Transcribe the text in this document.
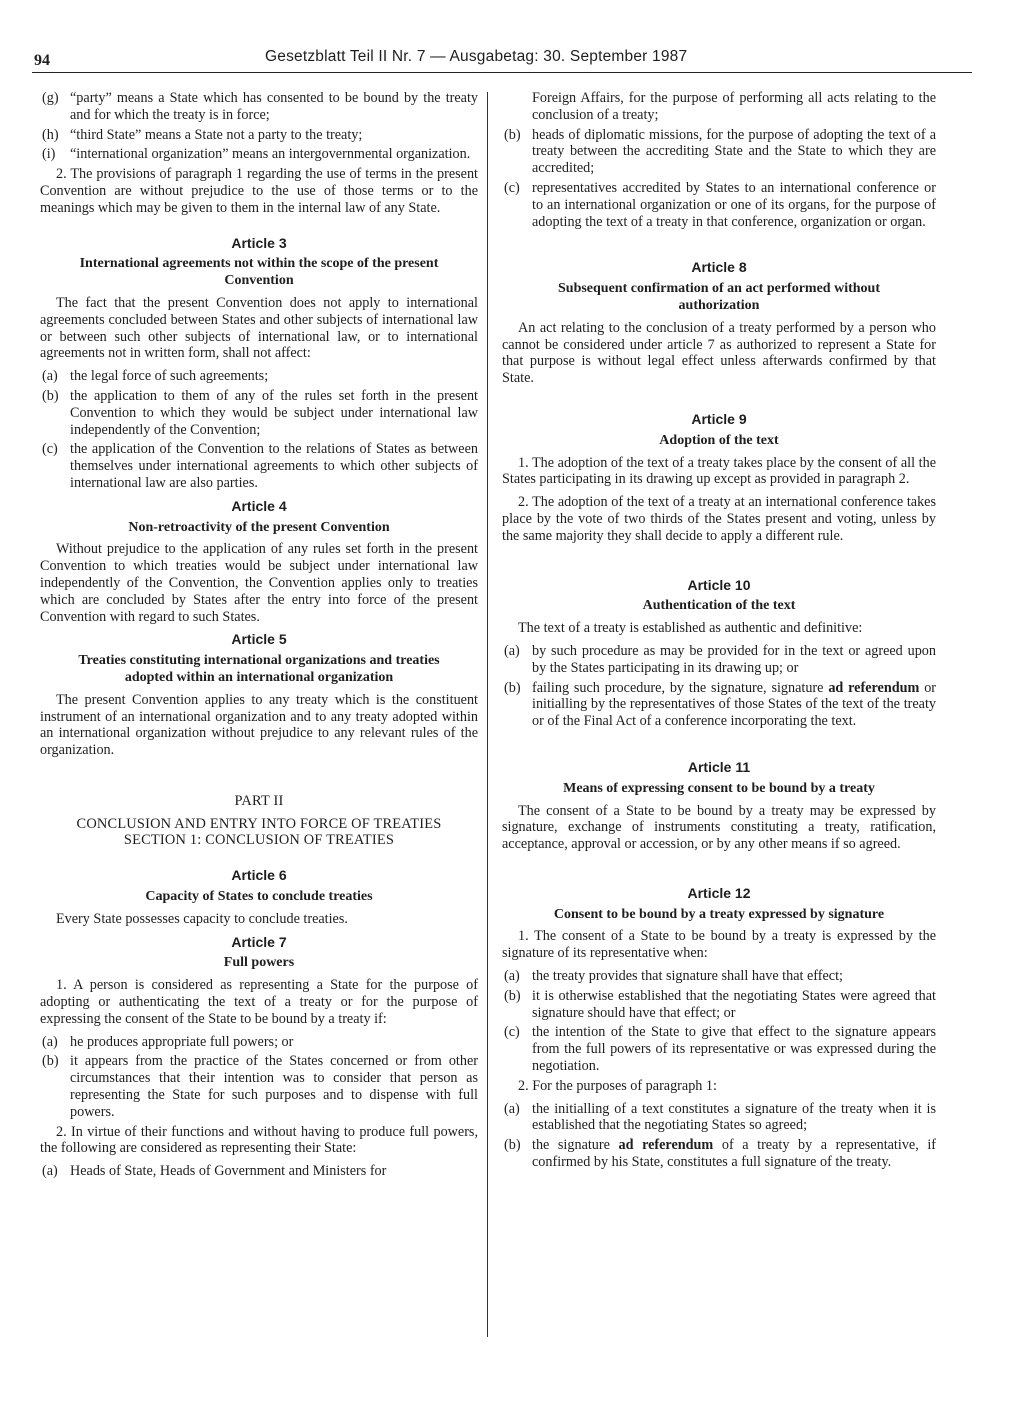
94	Gesetzblatt Teil II Nr. 7 — Ausgabetag: 30. September 1987
(g) “party” means a State which has consented to be bound by the treaty and for which the treaty is in force;
(h) “third State” means a State not a party to the treaty;
(i)	“international organization” means an intergovernmental organization.

2. The provisions of paragraph 1 regarding the use of terms in the present Convention are without prejudice to the use of those terms or to the meanings which may be given to them in the internal law of any State.

Article 3
International agreements not within the scope of the present Convention

The fact that the present Convention does not apply to international agreements concluded between States and other subjects of international law or between such other subjects of international law, or to international agreements not in written form, shall not affect:

(a) the legal force of such agreements;
(b) the application to them of any of the rules set forth in the present Convention to which they would be subject under international law independently of the Convention;
(c) the application of the Convention to the relations of States as between themselves under international agreements to which other subjects of international law are also parties.
Article 4
Non-retroactivity of the present Convention

Without prejudice to the application of any rules set forth in the present Convention to which treaties would be subject under international law independently of the Convention, the Convention applies only to treaties which are concluded by States after the entry into force of the present Convention with regard to such States.

Article 5
Treaties constituting international organizations and treaties adopted within an international organization

The present Convention applies to any treaty which is the constituent instrument of an international organization and to any treaty adopted within an international organization without prejudice to any relevant rules of the organization.

PART II
CONCLUSION AND ENTRY INTO FORCE OF TREATIES
SECTION 1: CONCLUSION OF TREATIES
Article 6
Capacity of States to conclude treaties

Every State possesses capacity to conclude treaties.

Article 7
Full powers

1. A person is considered as representing a State for the purpose of adopting or authenticating the text of a treaty or for the purpose of expressing the consent of the State to be bound by a treaty if:

(a) he produces appropriate full powers; or
(b) it appears from the practice of the States concerned or from other circumstances that their intention was to consider that person as representing the State for such purposes and to dispense with full powers.

2. In virtue of their functions and without having to produce full powers, the following are considered as representing their State:

(a) Heads of State, Heads of Government and Ministers for
Foreign Affairs, for the purpose of performing all acts relating to the conclusion of a treaty;
(b) heads of diplomatic missions, for the purpose of adopting the text of a treaty between the accrediting State and the State to which they are accredited;
(c) representatives accredited by States to an international conference or to an international organization or one of its organs, for the purpose of adopting the text of a treaty in that conference, organization or organ.
Article 8
Subsequent confirmation of an act performed without authorization

An act relating to the conclusion of a treaty performed by a person who cannot be considered under article 7 as authorized to represent a State for that purpose is without legal effect unless afterwards confirmed by that State.

Article 9
Adoption of the text

1. The adoption of the text of a treaty takes place by the consent of all the States participating in its drawing up except as provided in paragraph 2.

2. The adoption of the text of a treaty at an international conference takes place by the vote of two thirds of the States present and voting, unless by the same majority they shall decide to apply a different rule.

Article 10
Authentication of the text

The text of a treaty is established as authentic and definitive:

(a) by such procedure as may be provided for in the text or agreed upon by the States participating in its drawing up; or
(b) failing such procedure, by the signature, signature ad referendum or initialling by the representatives of those States of the text of the treaty or of the Final Act of a conference incorporating the text.
Article 11
Means of expressing consent to be bound by a treaty

The consent of a State to be bound by a treaty may be expressed by signature, exchange of instruments constituting a treaty, ratification, acceptance, approval or accession, or by any other means if so agreed.

Article 12
Consent to be bound by a treaty expressed by signature

1. The consent of a State to be bound by a treaty is expressed by the signature of its representative when:

(a) the treaty provides that signature shall have that effect;
(b) it is otherwise established that the negotiating States were agreed that signature should have that effect; or
(c) the intention of the State to give that effect to the signature appears from the full powers of its representative or was expressed during the negotiation.

2. For the purposes of paragraph 1:

(a) the initialling of a text constitutes a signature of the treaty when it is established that the negotiating States so agreed;
(b) the signature ad referendum of a treaty by a representative, if confirmed by his State, constitutes a full signature of the treaty.
